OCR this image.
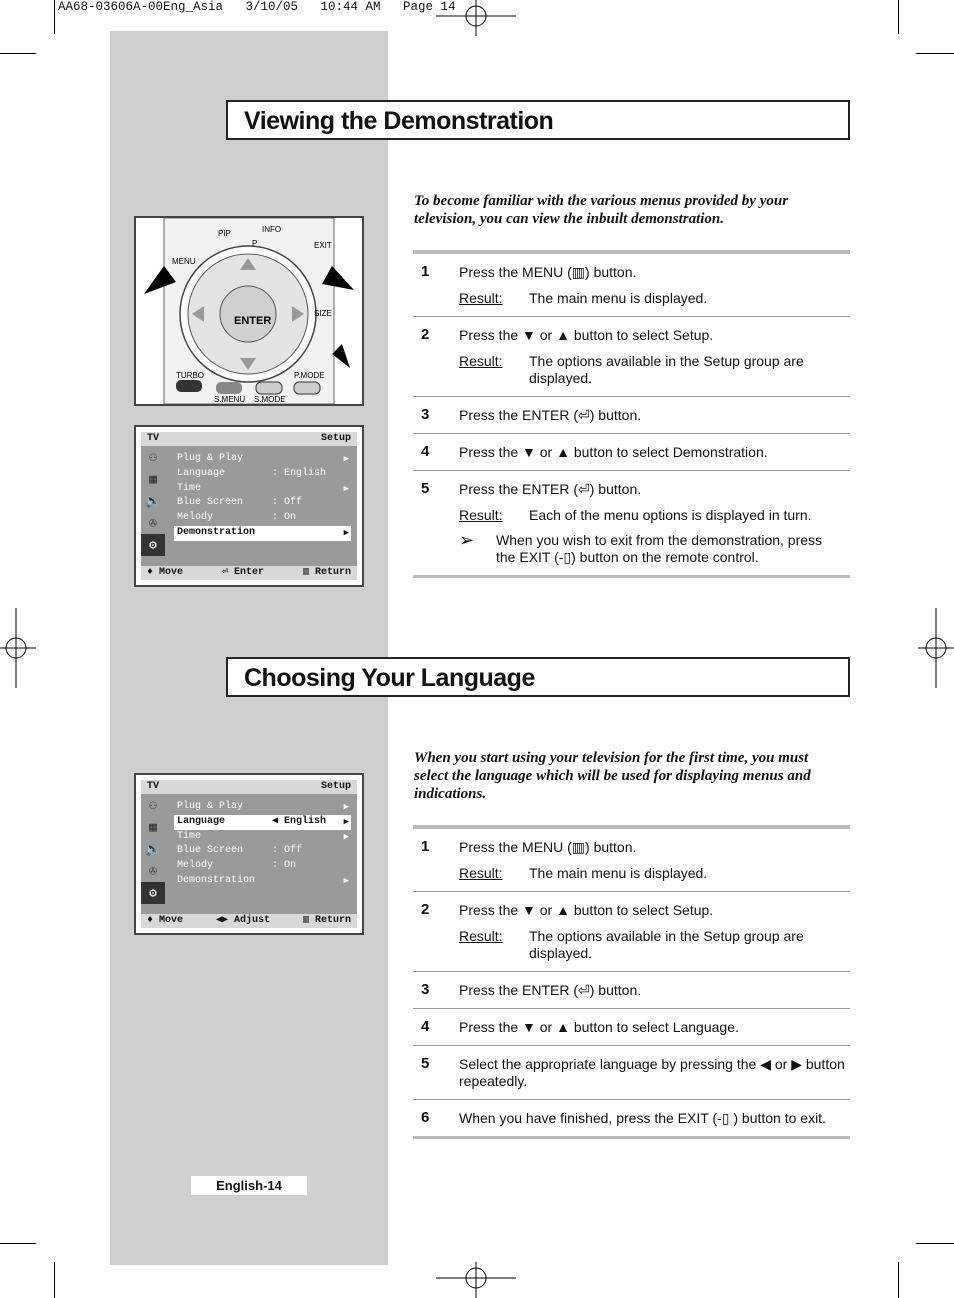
AA68-03606A-00Eng_Asia   3/10/05   10:44 AM   Page 14
Viewing the Demonstration
To become familiar with the various menus provided by your television, you can view the inbuilt demonstration.
1 Press the MENU (▥) button.
Result:	The main menu is displayed.
2 Press the ▼ or ▲ button to select Setup.
Result:	The options available in the Setup group are displayed.
3 Press the ENTER (⏎) button.
4 Press the ▼ or ▲ button to select Demonstration.
5 Press the ENTER (⏎) button.
Result:	Each of the menu options is displayed in turn.
➢	When you wish to exit from the demonstration, press the EXIT (-▯) button on the remote control.
PIP	INFO
MENU
EXIT
P
ENTER
SIZE
TURBO	P.MODE
S.MENU S.MODE
TV	Setup
⚇
▦
🔈
✇
⚙
Plug & Play	▶
Language	: English
Time	▶
Blue Screen	: Off
Melody	: On
Demonstration	▶
♦ Move	⏎ Enter	▥ Return
Choosing Your Language
When you start using your television for the first time, you must select the language which will be used for displaying menus and indications.
1 Press the MENU (▥) button.
Result:	The main menu is displayed.
2 Press the ▼ or ▲ button to select Setup.
Result:	The options available in the Setup group are displayed.
3 Press the ENTER (⏎) button.
4 Press the ▼ or ▲ button to select Language.
5 Select the appropriate language by pressing the ◀ or ▶ button repeatedly.
6 When you have finished, press the EXIT (-▯ ) button to exit.
TV	Setup
⚇
▦
🔈
✇
⚙
Plug & Play	▶
Language	◀ English	▶
Time	▶
Blue Screen	: Off
Melody	: On
Demonstration	▶
♦ Move	◀▶ Adjust	▥ Return
English-14
